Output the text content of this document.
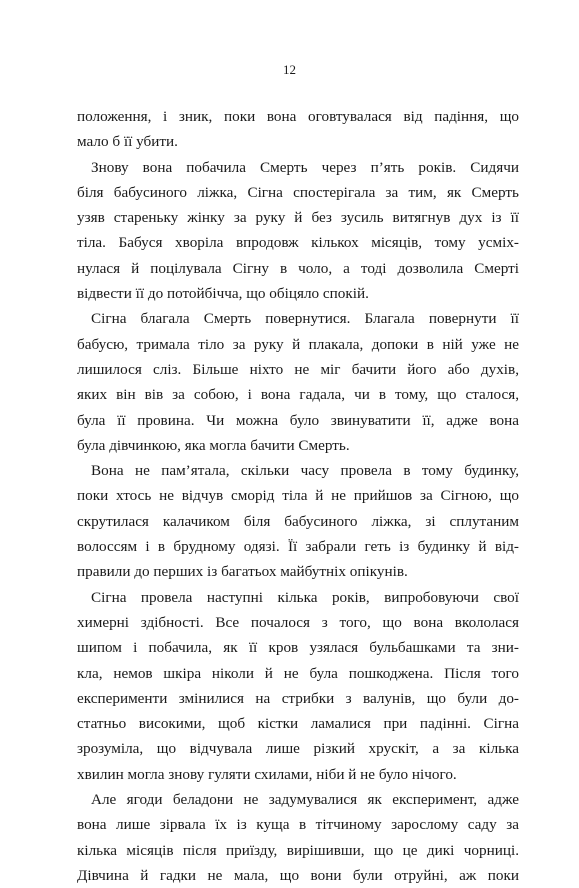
12
положення, і зник, поки вона оговтувалася від падіння, що
мало б її убити.
Знову вона побачила Смерть через п’ять років. Сидячи
біля бабусиного ліжка, Сігна спостерігала за тим, як Смерть
узяв стареньку жінку за руку й без зусиль витягнув дух із її
тіла. Бабуся хворіла впродовж кількох місяців, тому усміх-
нулася й поцілувала Сігну в чоло, а тоді дозволила Смерті
відвести її до потойбічча, що обіцяло спокій.
Сігна благала Смерть повернутися. Благала повернути її
бабусю, тримала тіло за руку й плакала, допоки в ній уже не
лишилося сліз. Більше ніхто не міг бачити його або духів,
яких він вів за собою, і вона гадала, чи в тому, що сталося,
була її провина. Чи можна було звинуватити її, адже вона
була дівчинкою, яка могла бачити Смерть.
Вона не пам’ятала, скільки часу провела в тому будинку,
поки хтось не відчув сморід тіла й не прийшов за Сігною, що
скрутилася калачиком біля бабусиного ліжка, зі сплутаним
волоссям і в брудному одязі. Її забрали геть із будинку й від-
правили до перших із багатьох майбутніх опікунів.
Сігна провела наступні кілька років, випробовуючи свої
химерні здібності. Все почалося з того, що вона вкололася
шипом і побачила, як її кров узялася бульбашками та зни-
кла, немов шкіра ніколи й не була пошкоджена. Після того
експерименти змінилися на стрибки з валунів, що були до-
статньо високими, щоб кістки ламалися при падінні. Сігна
зрозуміла, що відчувала лише різкий хрускіт, а за кілька
хвилин могла знову гуляти схилами, ніби й не було нічого.
Але ягоди беладони не задумувалися як експеримент, адже
вона лише зірвала їх із куща в тітчиному зарослому саду за
кілька місяців після приїзду, вирішивши, що це дикі чорниці.
Дівчина й гадки не мала, що вони були отруйні, аж поки
